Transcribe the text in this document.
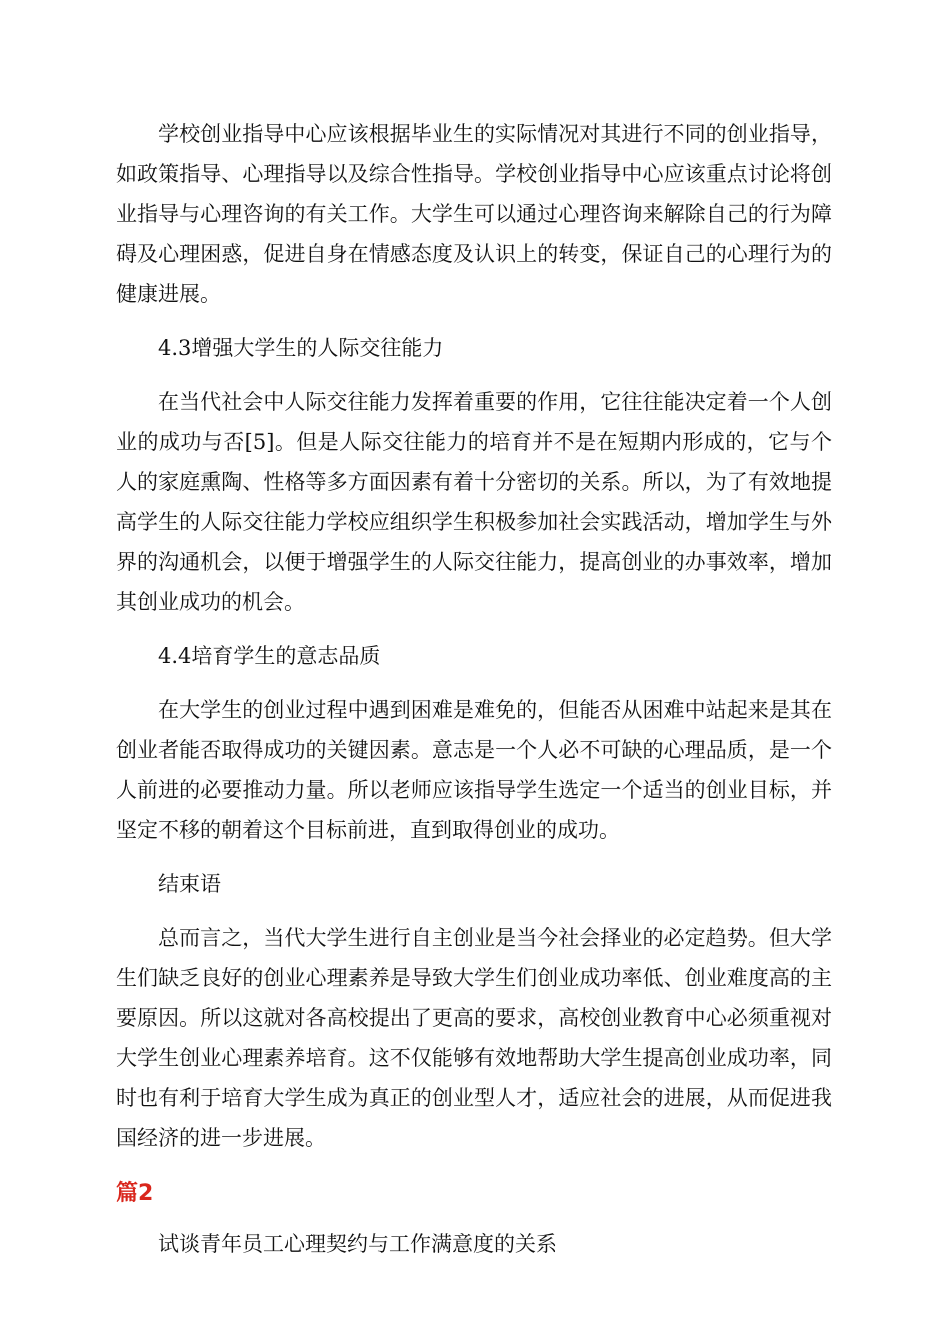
学校创业指导中心应该根据毕业生的实际情况对其进行不同的创业指导，如政策指导、心理指导以及综合性指导。学校创业指导中心应该重点讨论将创业指导与心理咨询的有关工作。大学生可以通过心理咨询来解除自己的行为障碍及心理困惑，促进自身在情感态度及认识上的转变，保证自己的心理行为的健康进展。

4.3增强大学生的人际交往能力

在当代社会中人际交往能力发挥着重要的作用，它往往能决定着一个人创业的成功与否[5]。但是人际交往能力的培育并不是在短期内形成的，它与个人的家庭熏陶、性格等多方面因素有着十分密切的关系。所以，为了有效地提高学生的人际交往能力学校应组织学生积极参加社会实践活动，增加学生与外界的沟通机会，以便于增强学生的人际交往能力，提高创业的办事效率，增加其创业成功的机会。

4.4培育学生的意志品质

在大学生的创业过程中遇到困难是难免的，但能否从困难中站起来是其在创业者能否取得成功的关键因素。意志是一个人必不可缺的心理品质，是一个人前进的必要推动力量。所以老师应该指导学生选定一个适当的创业目标，并坚定不移的朝着这个目标前进，直到取得创业的成功。

结束语

总而言之，当代大学生进行自主创业是当今社会择业的必定趋势。但大学生们缺乏良好的创业心理素养是导致大学生们创业成功率低、创业难度高的主要原因。所以这就对各高校提出了更高的要求，高校创业教育中心必须重视对大学生创业心理素养培育。这不仅能够有效地帮助大学生提高创业成功率，同时也有利于培育大学生成为真正的创业型人才，适应社会的进展，从而促进我国经济的进一步进展。

篇2
试谈青年员工心理契约与工作满意度的关系
